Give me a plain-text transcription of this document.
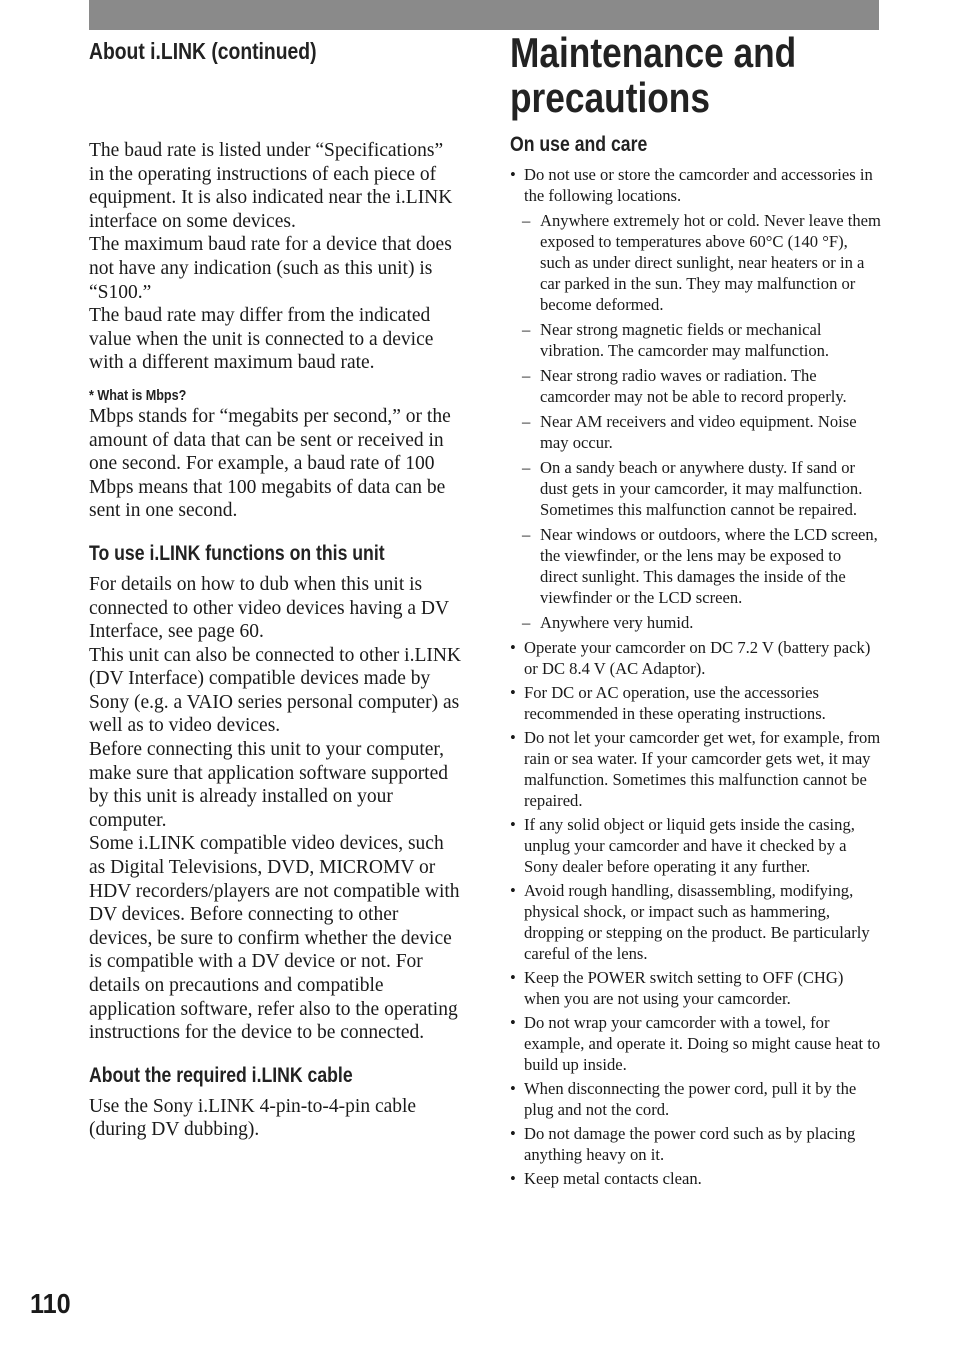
About i.LINK (continued)

The baud rate is listed under “Specifications” in the operating instructions of each piece of equipment. It is also indicated near the i.LINK interface on some devices.

The maximum baud rate for a device that does not have any indication (such as this unit) is “S100.”

The baud rate may differ from the indicated value when the unit is connected to a device with a different maximum baud rate.

* What is Mbps?

Mbps stands for “megabits per second,” or the amount of data that can be sent or received in one second. For example, a baud rate of 100 Mbps means that 100 megabits of data can be sent in one second.

To use i.LINK functions on this unit

For details on how to dub when this unit is connected to other video devices having a DV Interface, see page 60.

This unit can also be connected to other i.LINK (DV Interface) compatible devices made by Sony (e.g. a VAIO series personal computer) as well as to video devices.

Before connecting this unit to your computer, make sure that application software supported by this unit is already installed on your computer.

Some i.LINK compatible video devices, such as Digital Televisions, DVD, MICROMV or HDV recorders/players are not compatible with DV devices. Before connecting to other devices, be sure to confirm whether the device is compatible with a DV device or not. For details on precautions and compatible application software, refer also to the operating instructions for the device to be connected.

About the required i.LINK cable

Use the Sony i.LINK 4-pin-to-4-pin cable (during DV dubbing).

Maintenance and precautions
On use and care
• Do not use or store the camcorder and accessories in the following locations.
– Anywhere extremely hot or cold. Never leave them exposed to temperatures above 60°C (140 °F), such as under direct sunlight, near heaters or in a car parked in the sun. They may malfunction or become deformed.
– Near strong magnetic fields or mechanical vibration. The camcorder may malfunction.
– Near strong radio waves or radiation. The camcorder may not be able to record properly.
– Near AM receivers and video equipment. Noise may occur.
– On a sandy beach or anywhere dusty. If sand or dust gets in your camcorder, it may malfunction. Sometimes this malfunction cannot be repaired.
– Near windows or outdoors, where the LCD screen, the viewfinder, or the lens may be exposed to direct sunlight. This damages the inside of the viewfinder or the LCD screen.
– Anywhere very humid.
• Operate your camcorder on DC 7.2 V (battery pack) or DC 8.4 V (AC Adaptor).
• For DC or AC operation, use the accessories recommended in these operating instructions.
• Do not let your camcorder get wet, for example, from rain or sea water. If your camcorder gets wet, it may malfunction. Sometimes this malfunction cannot be repaired.
• If any solid object or liquid gets inside the casing, unplug your camcorder and have it checked by a Sony dealer before operating it any further.
• Avoid rough handling, disassembling, modifying, physical shock, or impact such as hammering, dropping or stepping on the product. Be particularly careful of the lens.
• Keep the POWER switch setting to OFF (CHG) when you are not using your camcorder.
• Do not wrap your camcorder with a towel, for example, and operate it. Doing so might cause heat to build up inside.
• When disconnecting the power cord, pull it by the plug and not the cord.
• Do not damage the power cord such as by placing anything heavy on it.
• Keep metal contacts clean.
110
